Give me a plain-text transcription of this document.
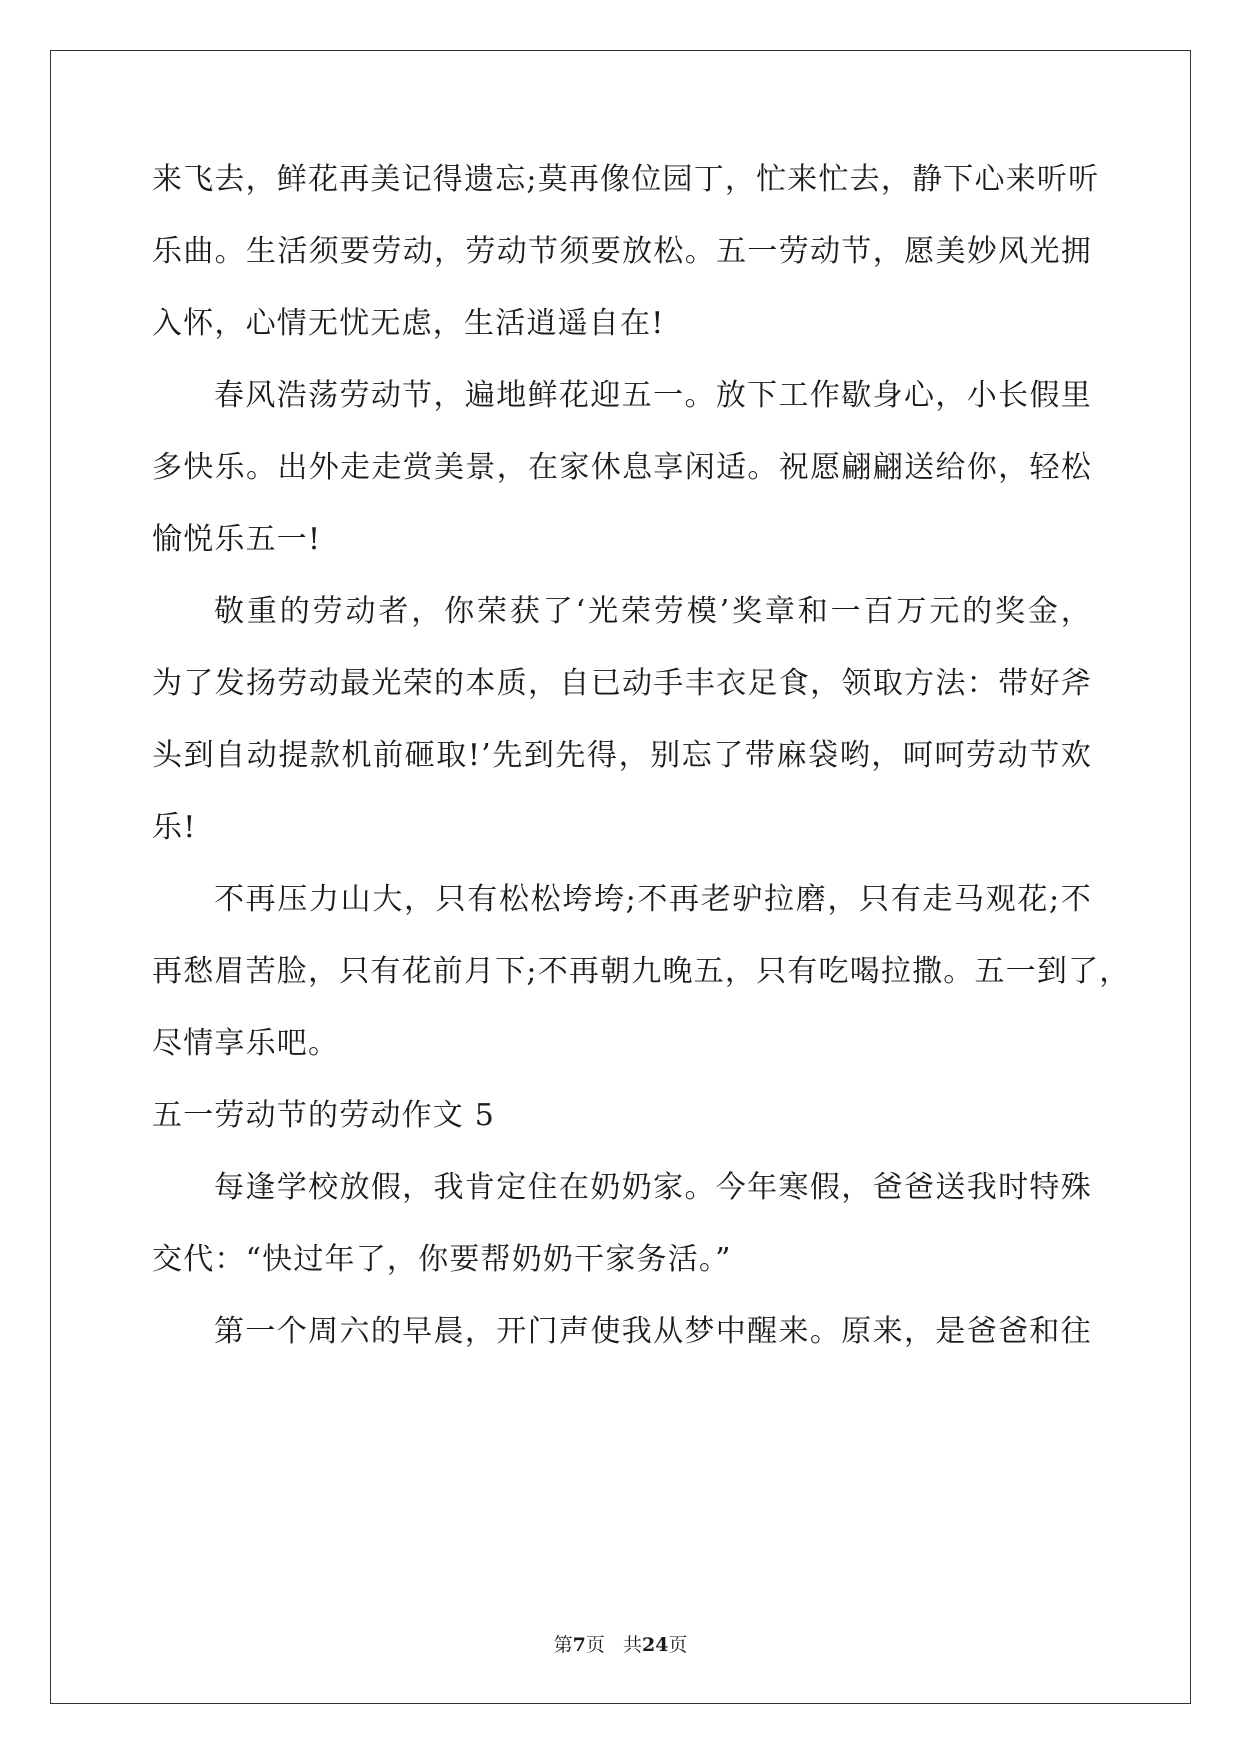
来飞去，鲜花再美记得遗忘;莫再像位园丁，忙来忙去，静下心来听听
乐曲。生活须要劳动，劳动节须要放松。五一劳动节，愿美妙风光拥
入怀，心情无忧无虑，生活逍遥自在!
春风浩荡劳动节，遍地鲜花迎五一。放下工作歇身心，小长假里
多快乐。出外走走赏美景，在家休息享闲适。祝愿翩翩送给你，轻松
愉悦乐五一!
敬重的劳动者，你荣获了‘光荣劳模’奖章和一百万元的奖金，
为了发扬劳动最光荣的本质，自已动手丰衣足食，领取方法：带好斧
头到自动提款机前砸取!’先到先得，别忘了带麻袋哟，呵呵劳动节欢
乐!
不再压力山大，只有松松垮垮;不再老驴拉磨，只有走马观花;不
再愁眉苦脸，只有花前月下;不再朝九晚五，只有吃喝拉撒。五一到了，
尽情享乐吧。
五一劳动节的劳动作文 5
每逢学校放假，我肯定住在奶奶家。今年寒假，爸爸送我时特殊
交代：“快过年了，你要帮奶奶干家务活。”
第一个周六的早晨，开门声使我从梦中醒来。原来，是爸爸和往
第7页 共24页
